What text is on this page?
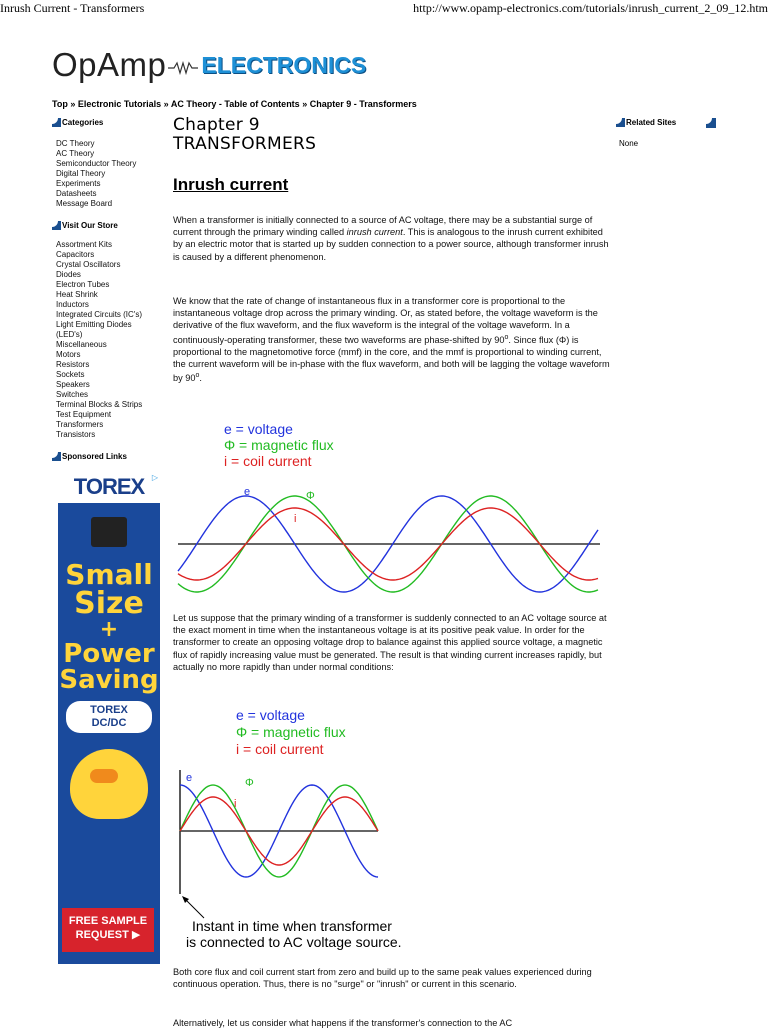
Inrush Current - Transformers	http://www.opamp-electronics.com/tutorials/inrush_current_2_09_12.htm
OpAmp ELECTRONICS
Top » Electronic Tutorials » AC Theory - Table of Contents » Chapter 9 - Transformers
Categories
DC Theory
AC Theory
Semiconductor Theory
Digital Theory
Experiments
Datasheets
Message Board
Visit Our Store
Assortment Kits
Capacitors
Crystal Oscillators
Diodes
Electron Tubes
Heat Shrink
Inductors
Integrated Circuits (IC's)
Light Emitting Diodes
(LED's)
Miscellaneous
Motors
Resistors
Sockets
Speakers
Switches
Terminal Blocks & Strips
Test Equipment
Transformers
Transistors
Sponsored Links
TOREX ▷
Small
Size
+
Power
Saving
TOREX
DC/DC
FREE SAMPLE
REQUEST ▶
Related Sites
None
Chapter 9
TRANSFORMERS
Inrush current
When a transformer is initially connected to a source of AC voltage, there may be a substantial surge of current through the primary winding called inrush current. This is analogous to the inrush current exhibited by an electric motor that is started up by sudden connection to a power source, although transformer inrush is caused by a different phenomenon.
We know that the rate of change of instantaneous flux in a transformer core is proportional to the instantaneous voltage drop across the primary winding. Or, as stated before, the voltage waveform is the derivative of the flux waveform, and the flux waveform is the integral of the voltage waveform. In a continuously-operating transformer, these two waveforms are phase-shifted by 90$^o$. Since flux (Φ) is proportional to the magnetomotive force (mmf) in the core, and the mmf is proportional to winding current, the current waveform will be in-phase with the flux waveform, and both will be lagging the voltage waveform by 90$^o$.
e = voltage
Φ = magnetic flux
i = coil current
e	Φ
i
Let us suppose that the primary winding of a transformer is suddenly connected to an AC voltage source at the exact moment in time when the instantaneous voltage is at its positive peak value. In order for the transformer to create an opposing voltage drop to balance against this applied source voltage, a magnetic flux of rapidly increasing value must be generated. The result is that winding current increases rapidly, but actually no more rapidly than under normal conditions:
e = voltage
Φ = magnetic flux
i = coil current
e	Φ
i
Instant in time when transformer
is connected to AC voltage source.
Both core flux and coil current start from zero and build up to the same peak values experienced during continuous operation. Thus, there is no "surge" or "inrush" or current in this scenario.
Alternatively, let us consider what happens if the transformer's connection to the AC
